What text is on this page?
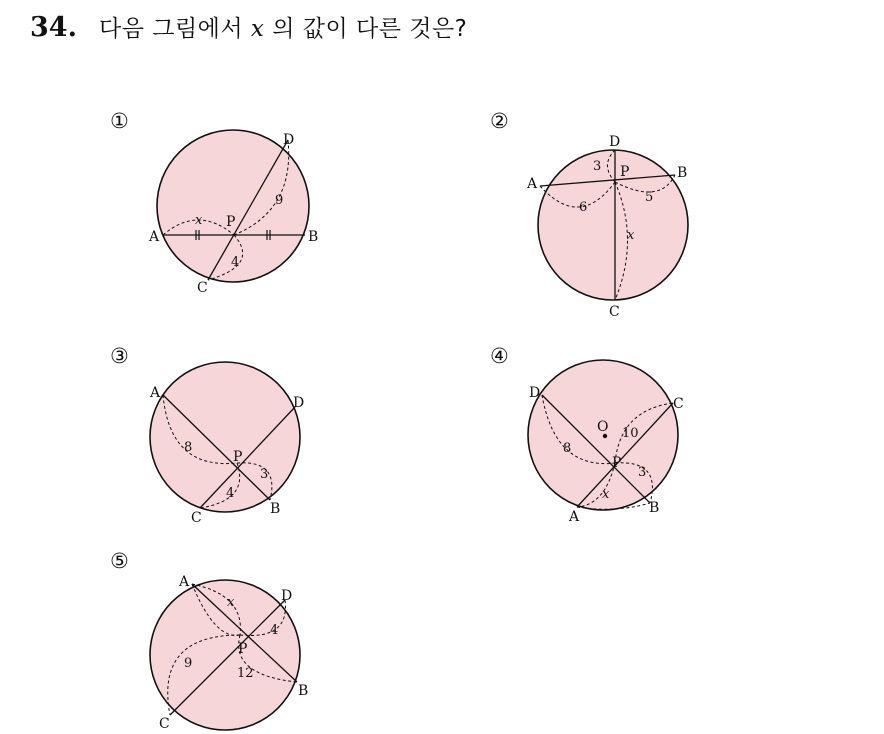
34. 다음 그림에서 x 의 값이 다른 것은?
①
A	B
C
D
P
x
9
4
②
A
B
C
D
P
3
6
5
x
③
A
B
C
D
P
8
3
4
④
A
B
C
D
P
O 10
8
3
x
⑤
A
B
C
D
P
x
4
9
12
